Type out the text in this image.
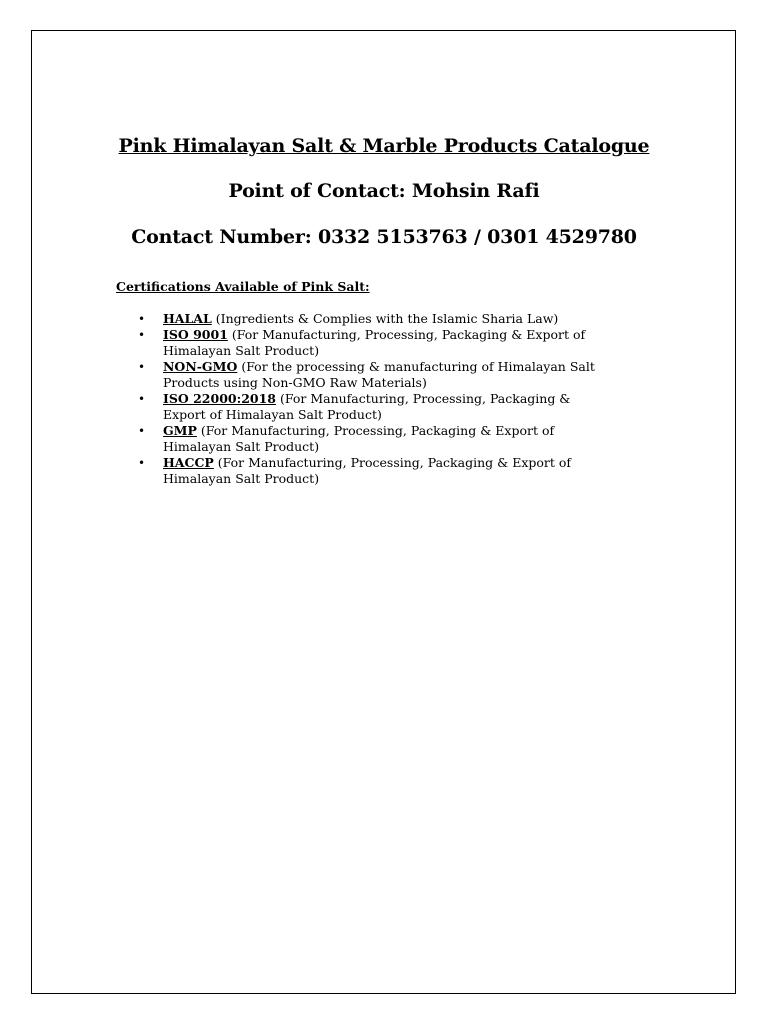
Pink Himalayan Salt & Marble Products Catalogue

Point of Contact: Mohsin Rafi

Contact Number: 0332 5153763 / 0301 4529780

Certifications Available of Pink Salt:

• HALAL (Ingredients & Complies with the Islamic Sharia Law)
• ISO 9001 (For Manufacturing, Processing, Packaging & Export of Himalayan Salt Product)
• NON-GMO (For the processing & manufacturing of Himalayan Salt Products using Non-GMO Raw Materials)
• ISO 22000:2018 (For Manufacturing, Processing, Packaging & Export of Himalayan Salt Product)
• GMP (For Manufacturing, Processing, Packaging & Export of Himalayan Salt Product)
• HACCP (For Manufacturing, Processing, Packaging & Export of Himalayan Salt Product)
